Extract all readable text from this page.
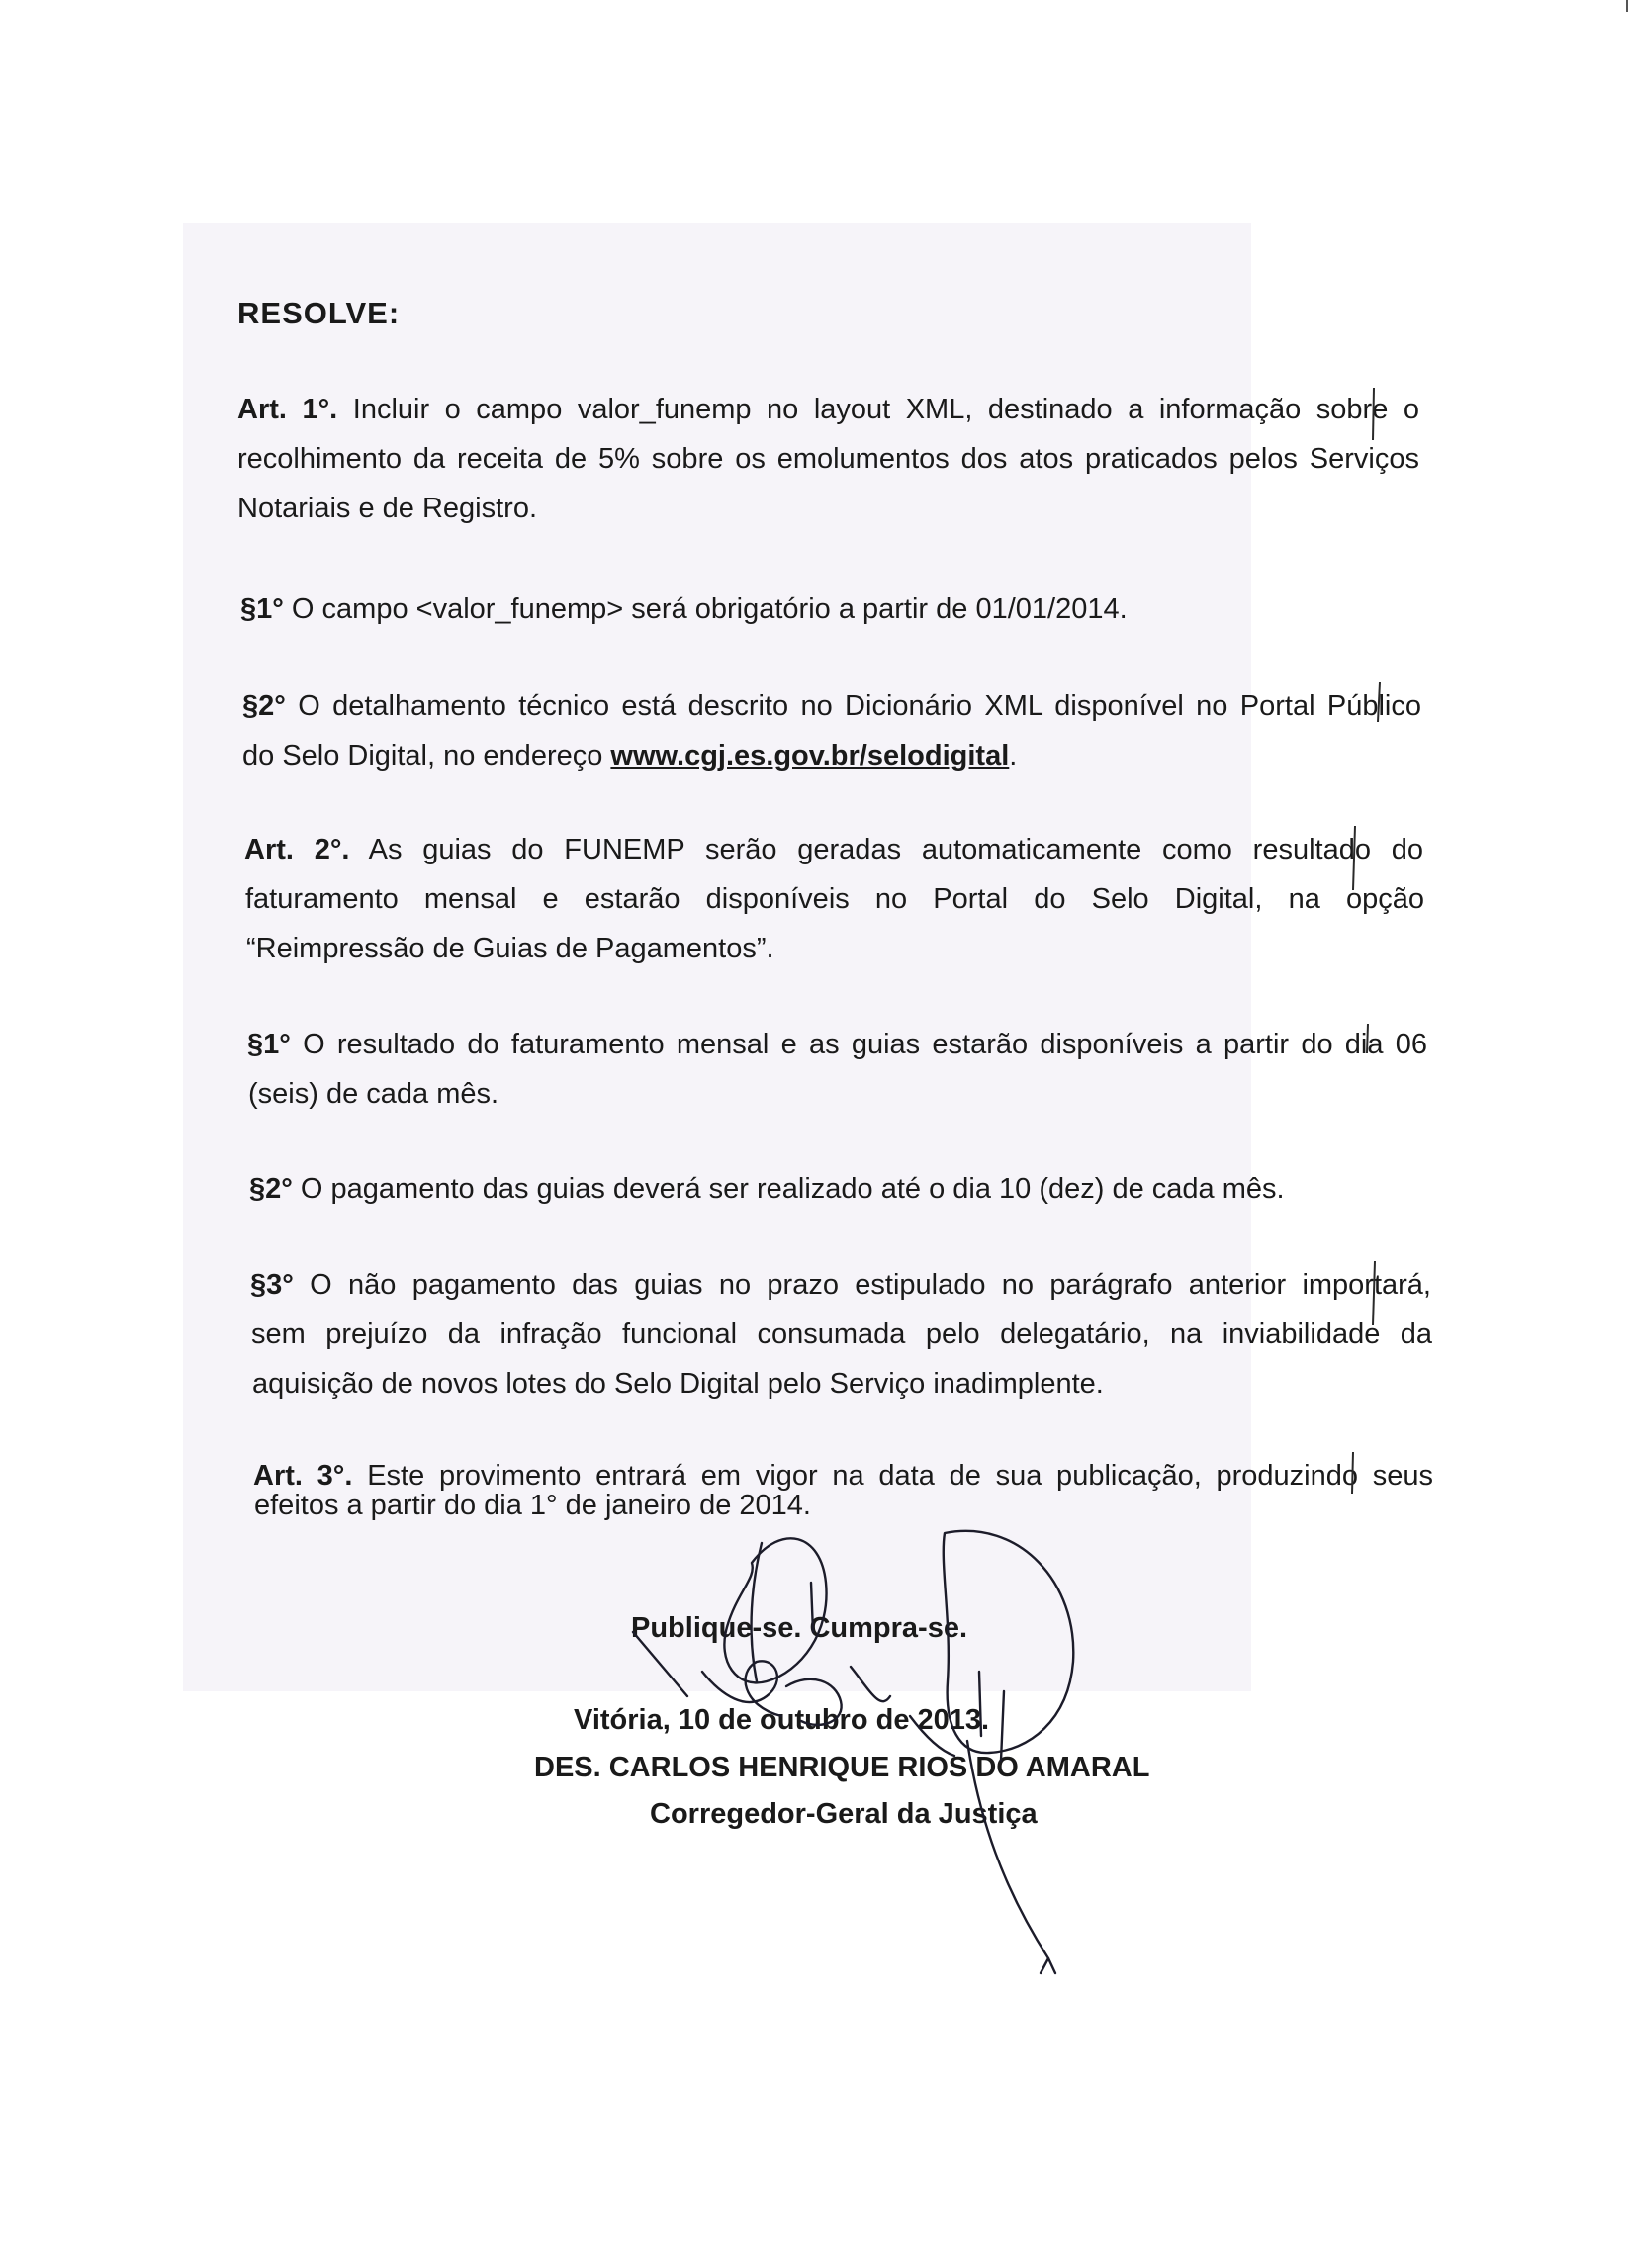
RESOLVE:
Art. 1°. Incluir o campo valor_funemp no layout XML, destinado a informação sobre o
recolhimento da receita de 5% sobre os emolumentos dos atos praticados pelos Serviços
Notariais e de Registro.
§1° O campo <valor_funemp> será obrigatório a partir de 01/01/2014.
§2° O detalhamento técnico está descrito no Dicionário XML disponível no Portal Público
do Selo Digital, no endereço www.cgj.es.gov.br/selodigital.
Art. 2°. As guias do FUNEMP serão geradas automaticamente como resultado do
faturamento mensal e estarão disponíveis no Portal do Selo Digital, na opção
“Reimpressão de Guias de Pagamentos”.
§1° O resultado do faturamento mensal e as guias estarão disponíveis a partir do dia 06
(seis) de cada mês.
§2° O pagamento das guias deverá ser realizado até o dia 10 (dez) de cada mês.
§3° O não pagamento das guias no prazo estipulado no parágrafo anterior importará,
sem prejuízo da infração funcional consumada pelo delegatário, na inviabilidade da
aquisição de novos lotes do Selo Digital pelo Serviço inadimplente.
Art. 3°. Este provimento entrará em vigor na data de sua publicação, produzindo seus
efeitos a partir do dia 1° de janeiro de 2014.
Publique-se. Cumpra-se.
Vitória, 10 de outubro de 2013.
DES. CARLOS HENRIQUE RIOS DO AMARAL
Corregedor-Geral da Justiça
